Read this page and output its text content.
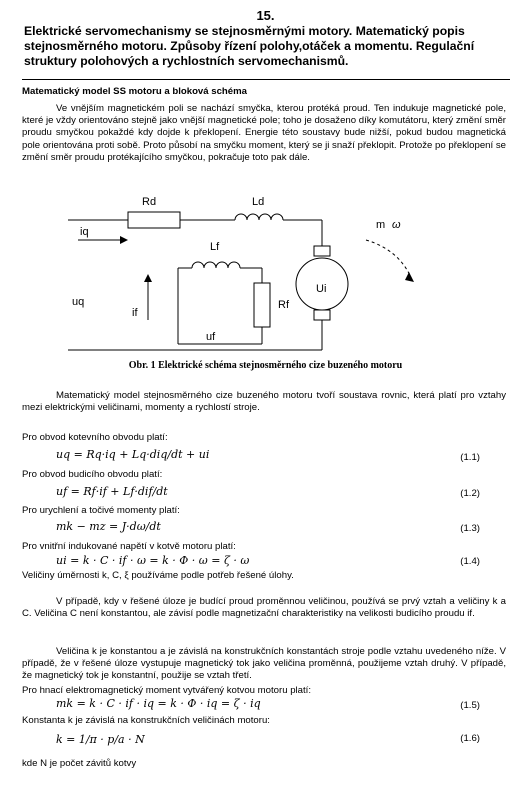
15.
Elektrické servomechanismy se stejnosměrnými motory. Matematický popis stejnosměrného motoru. Způsoby řízení polohy,otáček a momentu. Regulační struktury polohových a rychlostních servomechanismů.
Matematický model SS motoru a bloková schéma
Ve vnějším magnetickém poli se nachází smyčka, kterou protéká proud. Ten indukuje magnetické pole, které je vždy orientováno stejně jako vnější magnetické pole; toho je dosaženo díky komutátoru, který změní směr proudu smyčkou pokaždé kdy dojde k překlopení. Energie této soustavy bude nižší, pokud budou magnetická pole orientována proti sobě. Proto působí na smyčku moment, který se ji snaží překlopit. Protože po překlopení se změní směr proudu protékajícího smyčkou, pokračuje toto pak dále.
Rd	Ld
iq
Lf
Rf
if
uq
uf
Ui
m ω
Obr. 1 Elektrické schéma stejnosměrného cize buzeného motoru
Matematický model stejnosměrného cize buzeného motoru tvoří soustava rovnic, která platí pro vztahy mezi elektrickými veličinami, momenty a rychlostí stroje.
Pro obvod kotevního obvodu platí:
uq = Rq·iq + Lq·diq/dt + ui	(1.1)
Pro obvod budicího obvodu platí:
uf = Rf·if + Lf·dif/dt	(1.2)
Pro urychlení a točivé momenty platí:
mk − mz = J·dω/dt	(1.3)
Pro vnitřní indukované napětí v kotvě motoru platí:
ui = k · C · if · ω = k · Φ · ω = ζ · ω	(1.4)
Veličiny úměrnosti k, C, ξ používáme podle potřeb řešené úlohy.
V případě, kdy v řešené úloze je budící proud proměnnou veličinou, používá se prvý vztah a veličiny k a C. Veličina C není konstantou, ale závisí podle magnetizační charakteristiky na velikosti budicího proudu if.
Veličina k je konstantou a je závislá na konstrukčních konstantách stroje podle vztahu uvedeného níže. V případě, že v řešené úloze vystupuje magnetický tok jako veličina proměnná, použijeme vztah druhý. V případě, že magnetický tok je konstantní, použije se vztah třetí.
Pro hnací elektromagnetický moment vytvářený kotvou motoru platí:
mk = k · C · if · iq = k · Φ · iq = ζ · iq	(1.5)
Konstanta k je závislá na konstrukčních veličinách motoru:
k = 1/π · p/a · N	(1.6)
kde N je počet závitů kotvy
